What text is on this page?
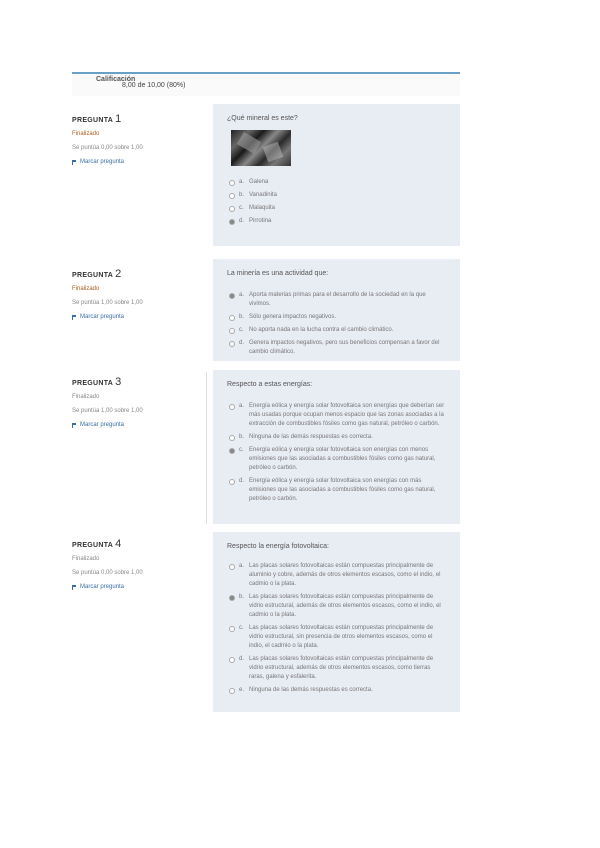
Calificación
8,00 de 10,00 (80%)
PREGUNTA 1
Finalizado
Se puntúa 0,00 sobre 1,00
Marcar pregunta
¿Qué mineral es este?
a. Galena
b. Vanadinita
c. Malaquita
d. Pirrotina
PREGUNTA 2
Finalizado
Se puntúa 1,00 sobre 1,00
Marcar pregunta
La minería es una actividad que:
a. Aporta materias primas para el desarrollo de la sociedad en la que vivimos.
b. Sólo genera impactos negativos.
c. No aporta nada en la lucha contra el cambio climático.
d. Genera impactos negativos, pero sus beneficios compensan a favor del cambio climático.
PREGUNTA 3
Finalizado
Se puntúa 1,00 sobre 1,00
Marcar pregunta
Respecto a estas energías:
a. Energía eólica y energía solar fotovoltaica son energías que deberían ser más usadas porque ocupan menos espacio que las zonas asociadas a la extracción de combustibles fósiles como gas natural, petróleo o carbón.
b. Ninguna de las demás respuestas es correcta.
c. Energía eólica y energía solar fotovoltaica son energías con menos emisiones que las asociadas a combustibles fósiles como gas natural, petróleo o carbón.
d. Energía eólica y energía solar fotovoltaica son energías con más emisiones que las asociadas a combustibles fósiles como gas natural, petróleo o carbón.
PREGUNTA 4
Finalizado
Se puntúa 0,00 sobre 1,00
Marcar pregunta
Respecto la energía fotovoltaica:
a. Las placas solares fotovoltaicas están compuestas principalmente de aluminio y cobre, además de otros elementos escasos, como el indio, el cadmio o la plata.
b. Las placas solares fotovoltaicas están compuestas principalmente de vidrio estructural, además de otros elementos escasos, como el indio, el cadmio o la plata.
c. Las placas solares fotovoltaicas están compuestas principalmente de vidrio estructural, sin presencia de otros elementos escasos, como el indio, el cadmio o la plata.
d. Las placas solares fotovoltaicas están compuestas principalmente de vidrio estructural, además de otros elementos escasos, como tierras raras, galena y esfalerita.
e. Ninguna de las demás respuestas es correcta.
